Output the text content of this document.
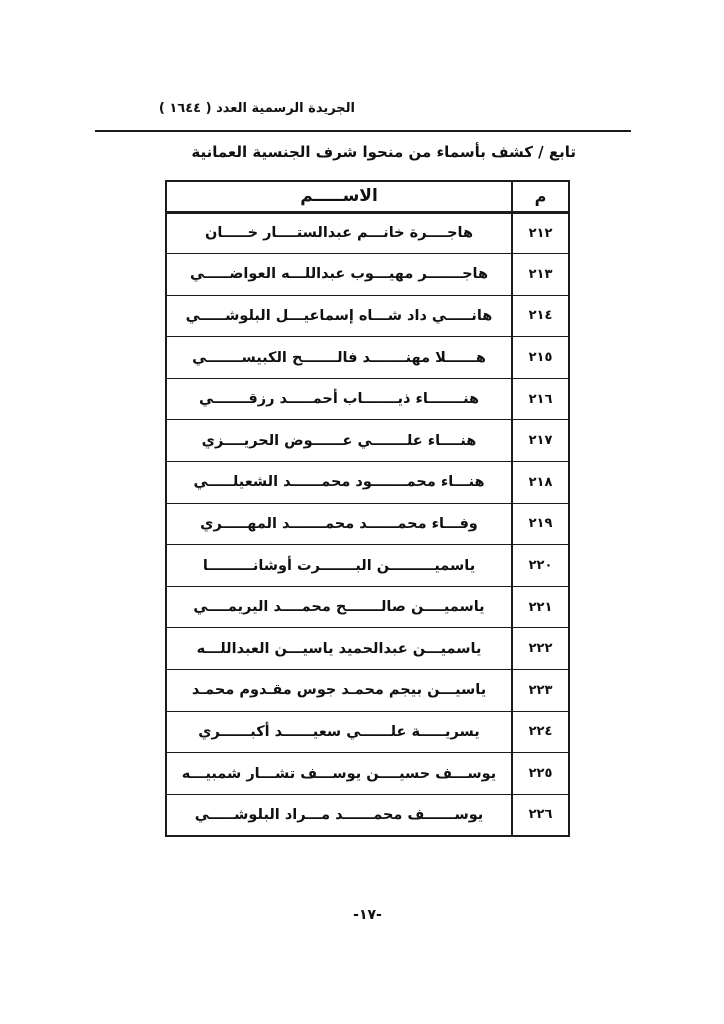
الجريدة الرسمية العدد ( ١٦٤٤ )
تابع / كشف بأسماء من منحوا شرف الجنسية العمانية
م	الاســـــم
٢١٢	هاجــــرة خانـــم عبدالستــــار خـــــان
٢١٣	هاجـــــــر مهيـــوب عبداللـــه العواضـــــي
٢١٤	هانـــــي داد شـــاه إسماعيـــل البلوشـــــي
٢١٥	هــــــلا مهنـــــــد فالـــــــح الكبيســـــــي
٢١٦	هنـــــــاء ذيـــــــاب أحمـــــد رزقـــــــي
٢١٧	هنــــاء علـــــــي عــــــوض الحريــــزي
٢١٨	هنـــاء محمـــــــود محمــــــد الشعيلـــــي
٢١٩	وفـــاء محمــــــد محمـــــــد المهـــــري
٢٢٠	ياسميـــــــــن البـــــــرت أوشانـــــــــا
٢٢١	ياسميــــن صالـــــــح محمــــد اليريمــــي
٢٢٢	ياسميـــن عبدالحميد ياسيـــن العبداللـــه
٢٢٣	ياسيـــن بيجم محمـد جوس مقـدوم محمـد
٢٢٤	يسريـــــة علــــــي سعيــــــد أكبــــــري
٢٢٥	يوســـف حسيــــن يوســـف تشـــار شمبيـــه
٢٢٦	يوســــــف محمــــــد مـــراد البلوشـــــي
-١٧-
